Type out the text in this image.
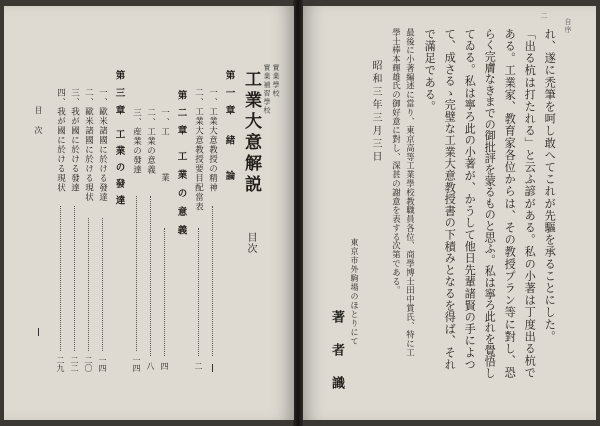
自序
二
れ、遂に禿筆を呵し敢へてこれが先驅を承ることにした。
「出る杭は打たれる」と云ふ諺がある。私の小著は丁度出る杭で
ある。工業家、教育家各位からは、その教授プラン等に對し、恐
らく完膚なきまでの御批評を蒙るものと思ふ。私は寧ろ此れを覺悟し
てゐる。私は寧ろ此の小著が、かうして他日先輩諸賢の手によつ
て、成さるゝ完璧な工業大意教授書の下積みとなるを得ば、それ
で滿足である。
最後に小著編述に當り、東京高等工業學校教職員各位、商學博士田中賞氏、特に工
學士棒本輝雄氏の御好意に對し、深甚の謝意を表する次第である。
昭和三年三月三日
東京市外駒場のほとりにて
著者識
實業學校
實業補習學校
工業大意解説
目次
第一章緒論
一、工業大意教授の精神
二、工業大意教授要目配當表
二
第二章工業の意義
一、工業
四
二、工業の意義
八
三、産業の發達
一四
第三章工業の發達
一、歐米諸國に於ける發達
一四
二、歐米諸國に於ける現状
二〇
三、我が國に於ける發達
二二
四、我が國に於ける現状
二九
目
次
